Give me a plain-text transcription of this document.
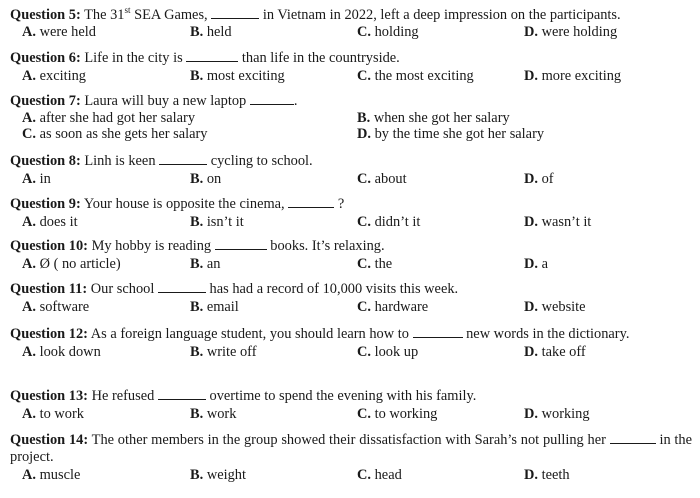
Question 5: The 31st SEA Games,	in Vietnam in 2022, left a deep impression on the participants.
A. were held	B. held	C. holding	D. were holding
Question 6: Life in the city is	than life in the countryside.
A. exciting	B. most exciting	C. the most exciting	D. more exciting
Question 7: Laura will buy a new laptop	.
A. after she had got her salary	B. when she got her salary
C. as soon as she gets her salary	D. by the time she got her salary
Question 8: Linh is keen	cycling to school.
A. in	B. on	C. about	D. of
Question 9: Your house is opposite the cinema,	?
A. does it	B. isn’t it	C. didn’t it	D. wasn’t it
Question 10: My hobby is reading	books. It’s relaxing.
A. Ø ( no article)	B. an	C. the	D. a
Question 11: Our school	has had a record of 10,000 visits this week.
A. software	B. email	C. hardware	D. website
Question 12: As a foreign language student, you should learn how to	new words in the dictionary.
A. look down	B. write off	C. look up	D. take off
Question 13: He refused	overtime to spend the evening with his family.
A. to work	B. work	C. to working	D. working
Question 14: The other members in the group showed their dissatisfaction with Sarah’s not pulling her	in the project.
A. muscle	B. weight	C. head	D. teeth
